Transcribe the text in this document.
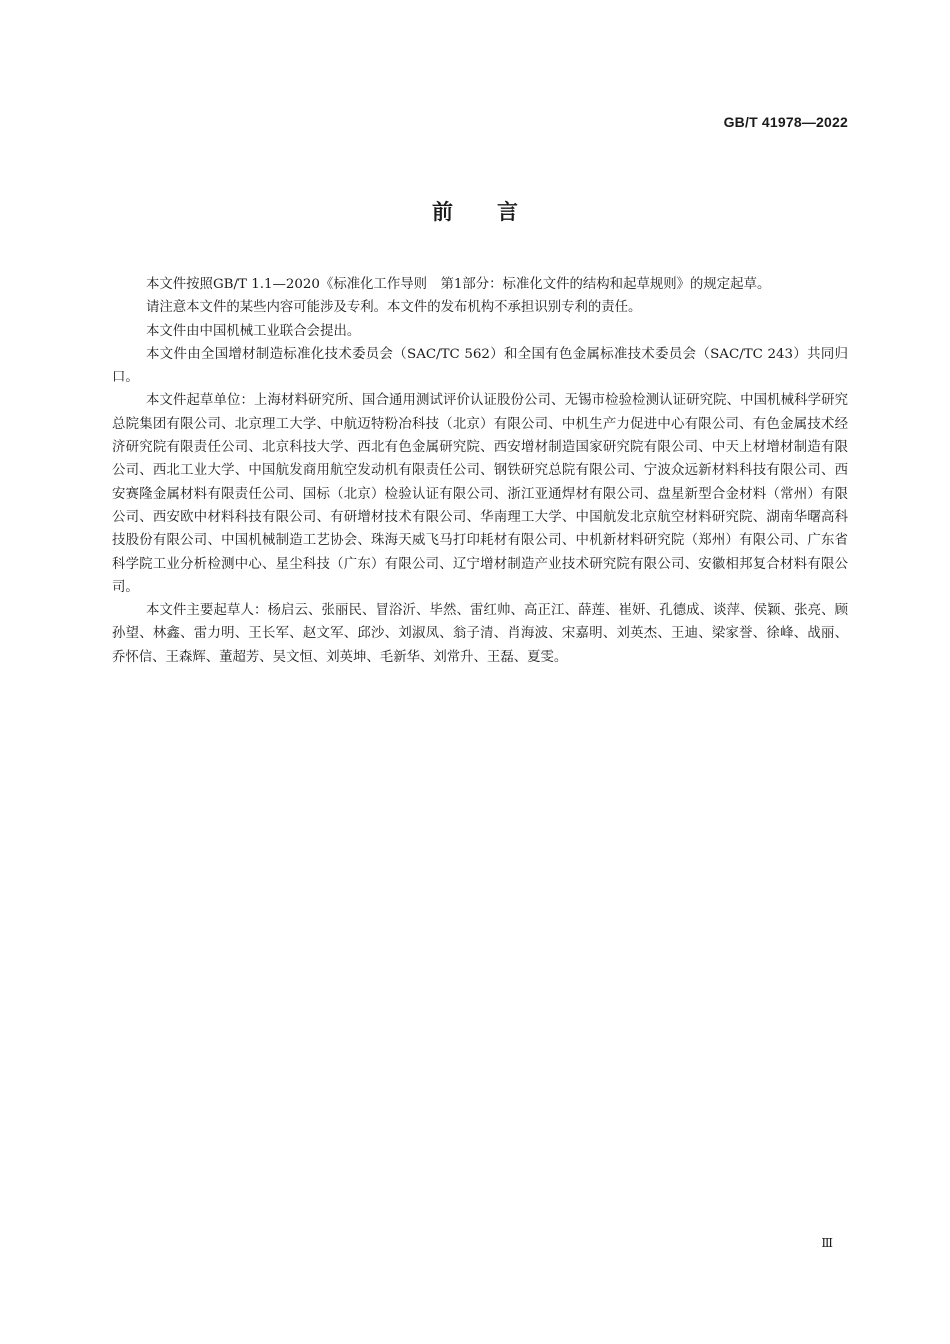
GB/T 41978—2022

前言

本文件按照GB/T 1.1—2020《标准化工作导则　第1部分：标准化文件的结构和起草规则》的规定起草。

请注意本文件的某些内容可能涉及专利。本文件的发布机构不承担识别专利的责任。

本文件由中国机械工业联合会提出。

本文件由全国增材制造标准化技术委员会（SAC/TC 562）和全国有色金属标准技术委员会（SAC/TC 243）共同归口。

本文件起草单位：上海材料研究所、国合通用测试评价认证股份公司、无锡市检验检测认证研究院、中国机械科学研究总院集团有限公司、北京理工大学、中航迈特粉冶科技（北京）有限公司、中机生产力促进中心有限公司、有色金属技术经济研究院有限责任公司、北京科技大学、西北有色金属研究院、西安增材制造国家研究院有限公司、中天上材增材制造有限公司、西北工业大学、中国航发商用航空发动机有限责任公司、钢铁研究总院有限公司、宁波众远新材料科技有限公司、西安赛隆金属材料有限责任公司、国标（北京）检验认证有限公司、浙江亚通焊材有限公司、盘星新型合金材料（常州）有限公司、西安欧中材料科技有限公司、有研增材技术有限公司、华南理工大学、中国航发北京航空材料研究院、湖南华曙高科技股份有限公司、中国机械制造工艺协会、珠海天威飞马打印耗材有限公司、中机新材料研究院（郑州）有限公司、广东省科学院工业分析检测中心、星尘科技（广东）有限公司、辽宁增材制造产业技术研究院有限公司、安徽相邦复合材料有限公司。

本文件主要起草人：杨启云、张丽民、冒浴沂、毕然、雷红帅、高正江、薛莲、崔妍、孔德成、谈萍、侯颖、张亮、顾孙望、林鑫、雷力明、王长军、赵文军、邱沙、刘淑凤、翁子清、肖海波、宋嘉明、刘英杰、王迪、梁家誉、徐峰、战丽、乔怀信、王森辉、董超芳、吴文恒、刘英坤、毛新华、刘常升、王磊、夏雯。

Ⅲ
